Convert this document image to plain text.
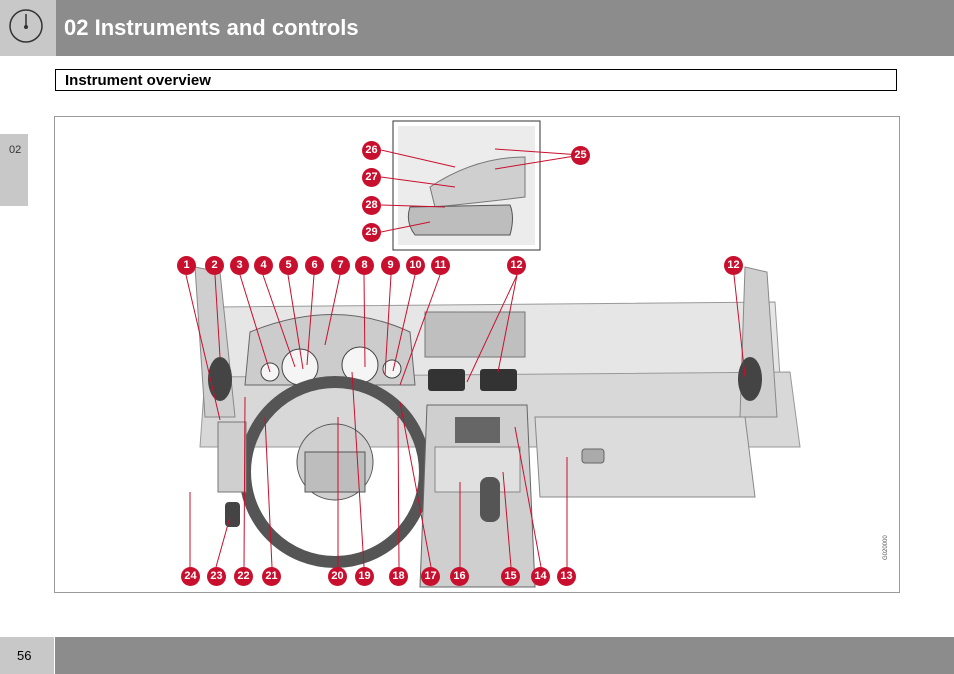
02 Instruments and controls
Instrument overview
02
1	2	3	4	5	6	7	8	9	10	11	12	12
13
14
15
16
17
18
19
20
21
22
23
24
25
26
27
28
29
G020000
56
